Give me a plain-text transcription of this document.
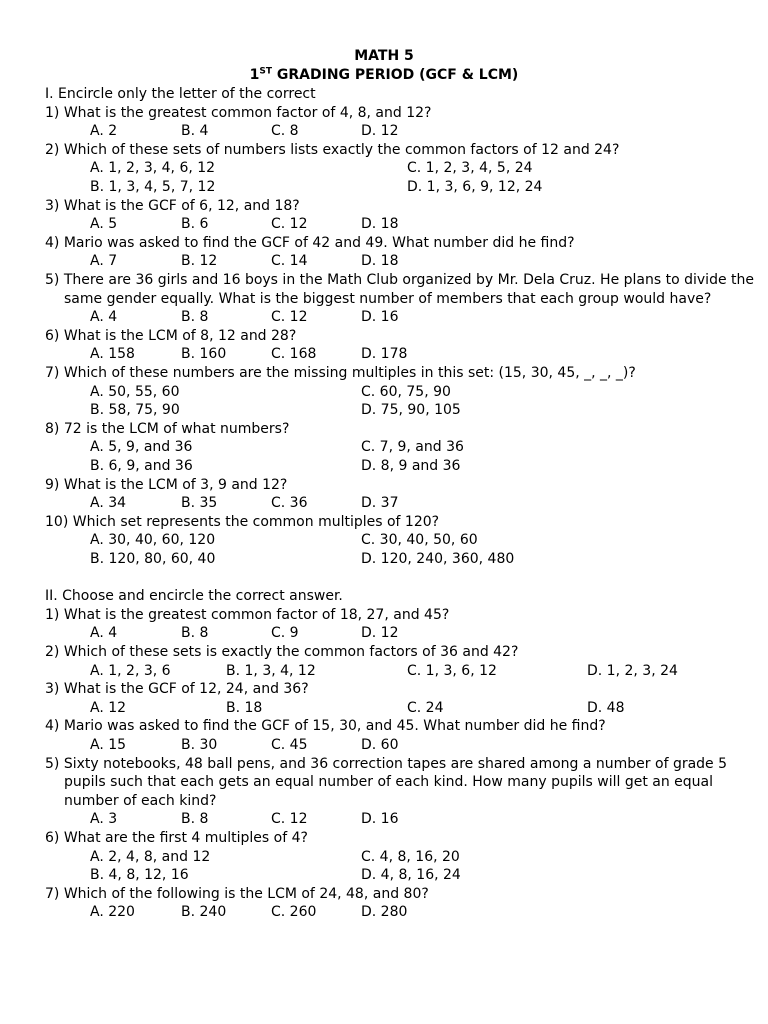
MATH 5
1ST GRADING PERIOD (GCF & LCM)
I. Encircle only the letter of the correct
1) What is the greatest common factor of 4, 8, and 12?
A. 2	B. 4	C. 8	D. 12
2) Which of these sets of numbers lists exactly the common factors of 12 and 24?
A. 1, 2, 3, 4, 6, 12	C. 1, 2, 3, 4, 5, 24
B. 1, 3, 4, 5, 7, 12	D. 1, 3, 6, 9, 12, 24
3) What is the GCF of 6, 12, and 18?
A. 5	B. 6	C. 12	D. 18
4) Mario was asked to find the GCF of 42 and 49. What number did he find?
A. 7	B. 12	C. 14	D. 18
5) There are 36 girls and 16 boys in the Math Club organized by Mr. Dela Cruz. He plans to divide the
same gender equally. What is the biggest number of members that each group would have?
A. 4	B. 8	C. 12	D. 16
6) What is the LCM of 8, 12 and 28?
A. 158	B. 160	C. 168	D. 178
7) Which of these numbers are the missing multiples in this set: (15, 30, 45, _, _, _)?
A. 50, 55, 60	C. 60, 75, 90
B. 58, 75, 90	D. 75, 90, 105
8) 72 is the LCM of what numbers?
A. 5, 9, and 36	C. 7, 9, and 36
B. 6, 9, and 36	D. 8, 9 and 36
9) What is the LCM of 3, 9 and 12?
A. 34	B. 35	C. 36	D. 37
10) Which set represents the common multiples of 120?
A. 30, 40, 60, 120	C. 30, 40, 50, 60
B. 120, 80, 60, 40	D. 120, 240, 360, 480
II. Choose and encircle the correct answer.
1) What is the greatest common factor of 18, 27, and 45?
A. 4	B. 8	C. 9	D. 12
2) Which of these sets is exactly the common factors of 36 and 42?
A. 1, 2, 3, 6	B. 1, 3, 4, 12	C. 1, 3, 6, 12	D. 1, 2, 3, 24
3) What is the GCF of 12, 24, and 36?
A. 12	B. 18	C. 24	D. 48
4) Mario was asked to find the GCF of 15, 30, and 45. What number did he find?
A. 15	B. 30	C. 45	D. 60
5) Sixty notebooks, 48 ball pens, and 36 correction tapes are shared among a number of grade 5
pupils such that each gets an equal number of each kind. How many pupils will get an equal
number of each kind?
A. 3	B. 8	C. 12	D. 16
6) What are the first 4 multiples of 4?
A. 2, 4, 8, and 12	C. 4, 8, 16, 20
B. 4, 8, 12, 16	D. 4, 8, 16, 24
7) Which of the following is the LCM of 24, 48, and 80?
A. 220	B. 240	C. 260	D. 280
